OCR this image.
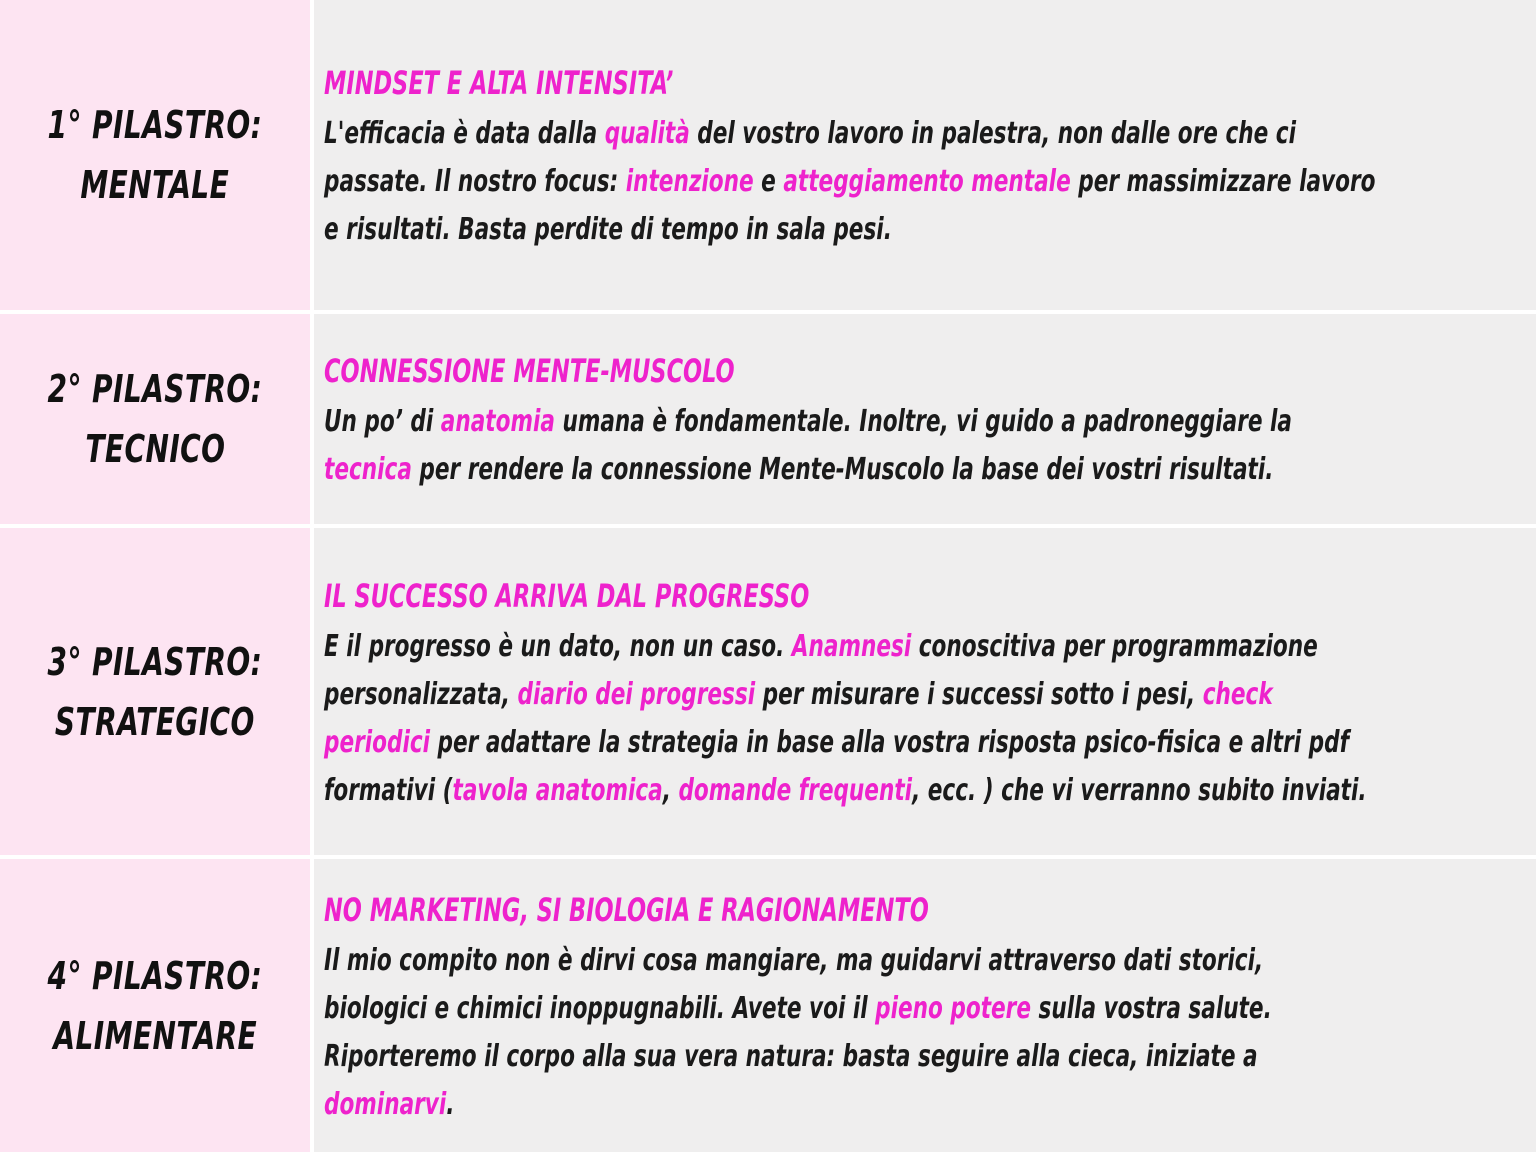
1° PILASTRO:
MENTALE
MINDSET E ALTA INTENSITA’
L'efficacia è data dalla qualità del vostro lavoro in palestra, non dalle ore che ci
passate. Il nostro focus: intenzione e atteggiamento mentale per massimizzare lavoro
e risultati. Basta perdite di tempo in sala pesi.
2° PILASTRO:
TECNICO
CONNESSIONE MENTE-MUSCOLO
Un po’ di anatomia umana è fondamentale. Inoltre, vi guido a padroneggiare la
tecnica per rendere la connessione Mente-Muscolo la base dei vostri risultati.
3° PILASTRO:
STRATEGICO
IL SUCCESSO ARRIVA DAL PROGRESSO
E il progresso è un dato, non un caso. Anamnesi conoscitiva per programmazione
personalizzata, diario dei progressi per misurare i successi sotto i pesi, check
periodici per adattare la strategia in base alla vostra risposta psico-fisica e altri pdf
formativi (tavola anatomica, domande frequenti, ecc. ) che vi verranno subito inviati.
4° PILASTRO:
ALIMENTARE
NO MARKETING, SI BIOLOGIA E RAGIONAMENTO
Il mio compito non è dirvi cosa mangiare, ma guidarvi attraverso dati storici,
biologici e chimici inoppugnabili. Avete voi il pieno potere sulla vostra salute.
Riporteremo il corpo alla sua vera natura: basta seguire alla cieca, iniziate a
dominarvi.
